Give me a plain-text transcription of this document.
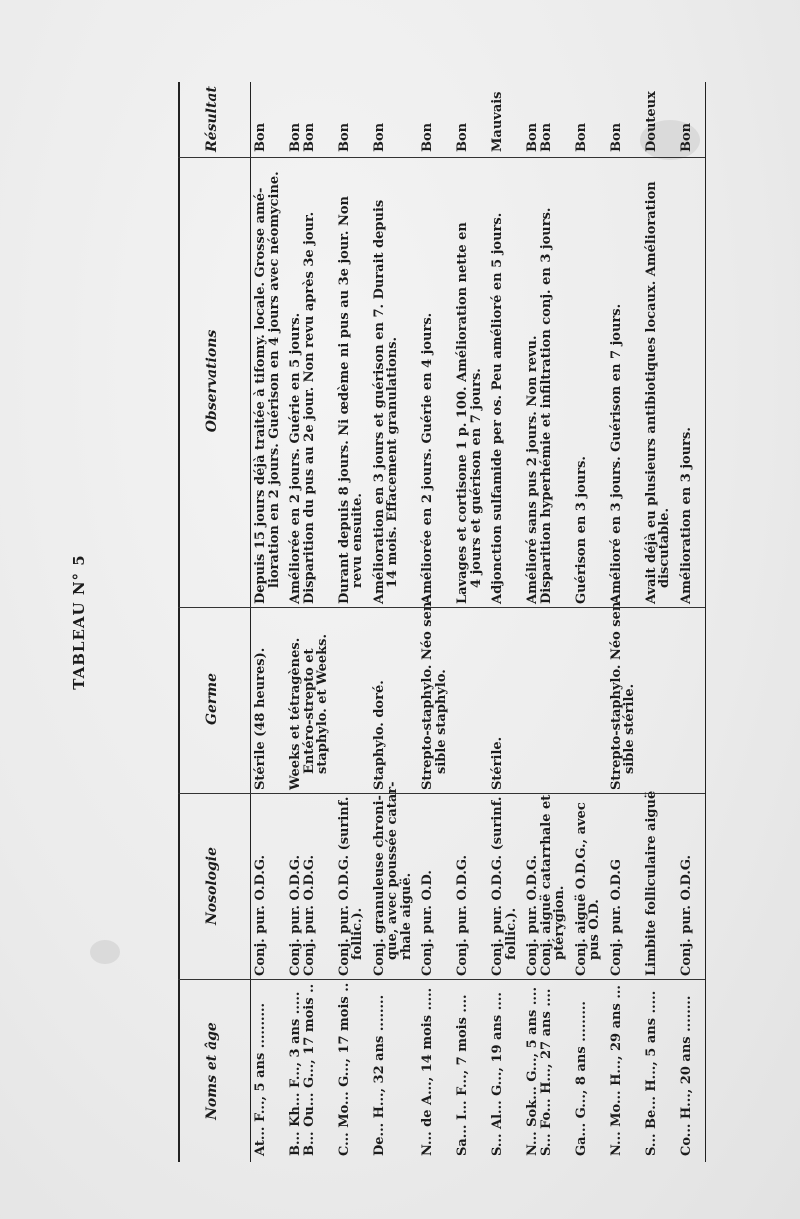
TABLEAU N° 5
Noms et âge
Nosologie
Germe
Observations
Résultat
At... F..., 5 ans ..........
Conj. pur. O.D.G.
Stérile (48 heures).
Depuis 15 jours déjà traitée à tifomy. locale. Grosse amé-
lioration en 2 jours. Guérison en 4 jours avec néomycine.
Bon
B... Kh... F..., 3 ans .....
B... Ou... G..., 17 mois ..
Conj. pur. O.D.G.
Conj. pur. O.D.G.
Weeks et tétragènes.
Entéro-strepto et
staphylo. et Weeks.
Améliorée en 2 jours. Guérie en 5 jours.
Disparition du pus au 2e jour. Non revu après 3e jour.
Bon
Bon
C... Mo... G..., 17 mois ..
Conj. pur. O.D.G. (surinf.
follic.).
Durant depuis 8 jours. Ni œdème ni pus au 3e jour. Non
revu ensuite.
Bon
De... H..., 32 ans ........
Conj. granuleuse chroni-
que, avec poussée catar-
rhale aiguë.
Staphylo. doré.
Amélioration en 3 jours et guérison en 7. Durait depuis
14 mois. Effacement granulations.
Bon
N... de A..., 14 mois .....
Conj. pur. O.D.
Strepto-staphylo. Néo sen-
sible staphylo.
Améliorée en 2 jours. Guérie en 4 jours.
Bon
Sa... I... F..., 7 mois ....
Conj. pur. O.D.G.
Lavages et cortisone 1 p. 100. Amélioration nette en
4 jours et guérison en 7 jours.
Bon
S... Al... G..., 19 ans ....
Conj. pur. O.D.G. (surinf.
follic.).
Stérile.
Adjonction sulfamide per os. Peu amélioré en 5 jours.
Mauvais
N... Sok... G..., 5 ans ....
S... Fo... H..., 27 ans ....
Conj. pur. O.D.G.
Conj. aiguë catarrhale et
ptérygion.
Amélioré sans pus 2 jours. Non revu.
Disparition hyperhémie et infiltration conj. en 3 jours.
Bon
Bon
Ga... G..., 8 ans .........
Conj. aiguë O.D.G., avec
pus O.D.
Guérison en 3 jours.
Bon
N... Mo... H..., 29 ans ...
Conj. pur. O.D.G
Strepto-staphylo. Néo sen-
sible stérile.
Amélioré en 3 jours. Guérison en 7 jours.
Bon
S... Be... H..., 5 ans .....
Limbite folliculaire aiguë
Avait déjà eu plusieurs antibiotiques locaux. Amélioration
discutable.
Douteux
Co... H..., 20 ans ........
Conj. pur. O.D.G.
Amélioration en 3 jours.
Bon
